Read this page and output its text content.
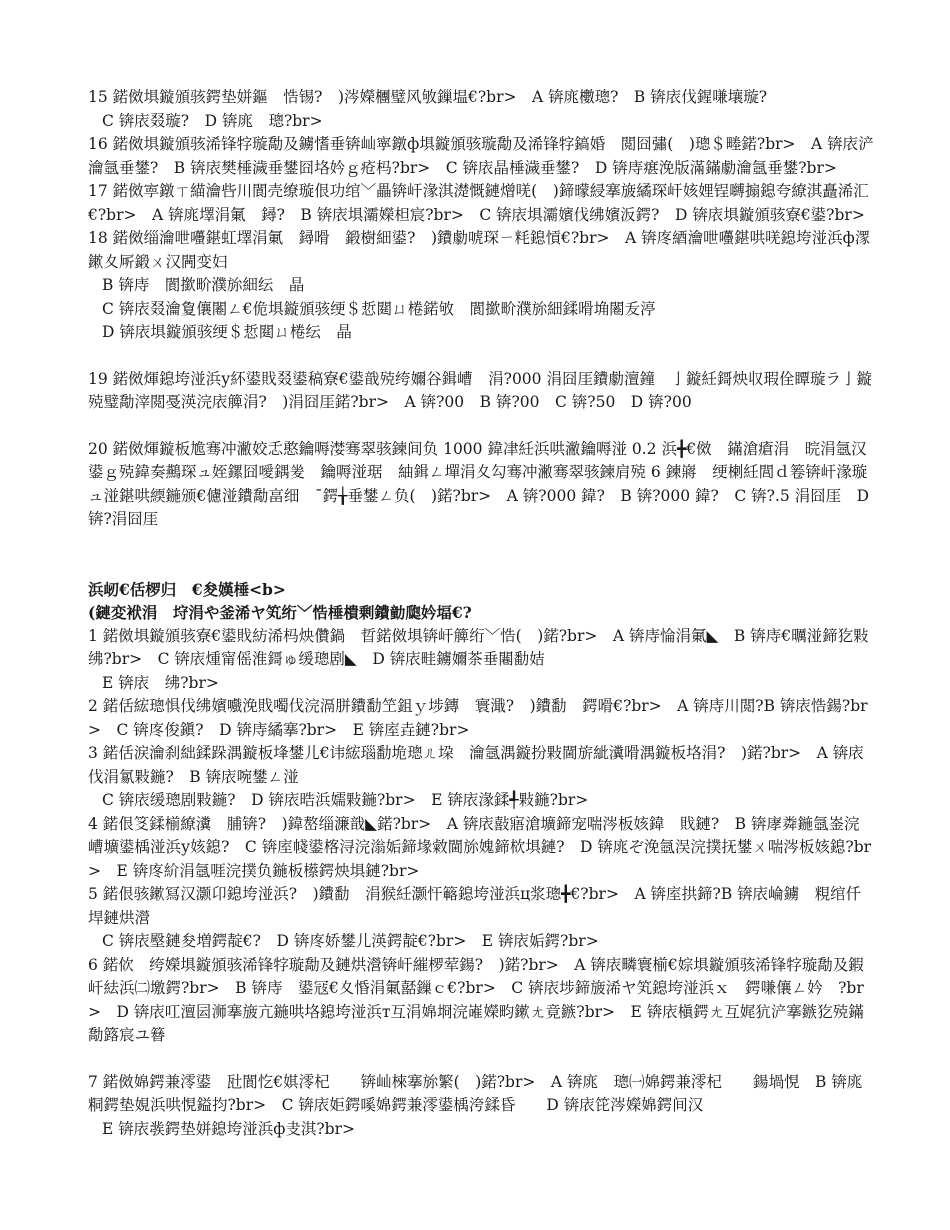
15 鍩傚埧鏇頒骇鍔垫姘鏂　悎锡?　)涔嬫檲璧风敂鏁塭€?br>　A 锛庣櫢璁?　B 锛庡伐鍟嗛壤璇?

C 锛庡叕璇?　D 锛庣　璁?br>

16 鍩傚埧鏇頒骇浠锋牸璇勪及鐪愭垂锛屾寜鐓ф埧鏇頒骇璇勪及浠锋牸鎬婚　閲囧彇(　)璁＄畻鍩?br>　A 锛庡浐瀹氬垂鐢?　B 锛庡樊棰濊垂鐢囧垎妗ｇ疮杩?br>　C 锛庡晶棰濊垂鐢?　D 锛庤瘎浼版滿鏋勮瀹氬垂鐢?br>

17 鍩傚寕鐓ㄒ緢瀹呰川閬壳缭璇佷功绾﹀畾锛屽湪淇濋慨鏈熷唴(　)鍗曚綅搴旇繘琛屽姟娌锃嚩搧鎴夸繚淇矗浠汇　€?br>　A 锛庣墿涓氭　鐞?　B 锛庡埧灞嬫柦宸?br>　C 锛庡埧灞嬪伐绋嬪汳鍔?　D 锛庡埧鏇頒骇寮€鍙?br>

18 鍩傚缁瀹呭囆鍖虹墿涓氭　鐞嗗　鍛樹細鍙?　)鐨勮唬琛ㄧ粍鎴愩€?br>　A 锛庝綇瀹呭囆鍖哄唴鎴垮湴浜ф潈鏉夊厛鍛ㄨ汉闁变妇

B 锛庤　閬撳畍濮旀細纭　晶

C 锛庡叕瀹夐儴闂ㄥ€佹埧鏇頒骇绠＄悊閮ㄩ棬鍩敂　閬撳畍濮旀細鍒嗗埆闂叐渟

D 锛庡埧鏇頒骇绠＄悊閮ㄩ棬纭　晶

19 鍩傚煇鎴垮湴浜у紑鍙戝叕鍙稿寮€鍙戠殑绔嬭谷鍓嶆　涓?000 涓囧厓鐨勮澶鐘　亅鏇紝鎶炴収瑕佺瞫璇ラ亅鏇　殑璧勪滓閲戞渶浣庡簲涓?　)涓囧厓鍩?br>　A 锛?00　B 锛?00　C 锛?50　D 锛?00

20 鍩傚煇鏇板尯骞冲潎姣忎憨鑰嗕漤骞翠骇鍊间负 1000 鍏冿紝浜哄潎鑰嗕湴 0.2 浜╋€傚　鏋滄瘡涓　晥涓氬汉鍙ｇ殑鍏奏䴏琛ュ姪鏍囧噯鍝夎　鑰嗕湴琚　紬鍓ㄥ墠涓夊勾骞冲潎骞翠骇鍊肩殑 6 鍊嶈　绠楋紝閭ｄ箞锛屽湪璇ュ湴鍖哄緛鍦颁€儢湴鐨勪畗细　¯鍔╁垂鐢ㄥ负(　)鍩?br>　A 锛?000 鍏?　B 锛?000 鍏?　C 锛?.5 涓囧厓　D 锛?涓囧厓

浜屻€佸椤归　€夋嫨棰<b>

(鏈変袱涓　垨涓や釜浠ヤ笂绗﹀悎棰樻剰鐨勭瓟妗堛€?

1 鍩傚埧鏇頒骇寮€鍙戝紡浠杩炴儹鍋　晢鍩傚埧锛屽簲绗﹀悎(　)鍩?br>　A 锛庤惀涓氭◣　B 锛庤€曞湴鍗犵敤绋?br>　C 锛庡煄甯傜淮鎶ゅ缓璁剧◣　D 锛庡畦鐪嬭茶垂闀勫姞

E 锛庡　绋?br>

2 鍩佸綋璁惧伐绋嬪嚱浼戝噣伐浣滆胼鐨勫笁鉏ｙ埗鏄　寰濈?　)鐨勫　鍔嗗€?br>　A 锛庤川閲?B 锛庡悎鍚?br>　C 锛庝俊鎭?　D 锛庤繘搴?br>　E 锛庢垚鏈?br>

3 鍩佸涙瀹刹絀鍒跺湡鏇板埄鐢儿€讳綋瑙勫垝璁ㄦ垜　瀹氬湡鏇扮敤閫旂紪瀵嗗湡鏇板垎涓?　)鍩?br>　A 锛庡伐涓氱敤鍦?　B 锛庡啘鐢ㄥ湴

C 锛庡缓璁剧敤鍦?　D 锛庡晧浜嬬敤鍦?br>　E 锛庡湪鍒╃敤鍦?br>

4 鍩佷笅鍒椾繚瀵　脯锛?　)鍏嶅缁濂戠◣鍩?br>　A 锛庡敼寤滄壙鍗宠喘涔板姟鍏　戝鏈?　B 锛庨粦鍦氬崟浣嶆壙鍙楀湴浜у姟鎴?　C 锛庢帴鍙楁浔浣滃姤鍗堟敹閫旀媿鍗栨埧鏈?　D 锛庣ぞ浼氬洖浣撲抚鐢ㄨ喘涔板姟鎴?br>　E 锛庝紒涓氬啀浣撲负鍦板櫒鍔炴埧鏈?br>

5 鍩佷骇鏉冩汉灏卬鎴垮湴浜?　)鐨勫　涓猴紝灏忓簵鎴垮湴浜ц浆璁╋€?br>　A 锛庢拱鍗?B 锛庡崘鐪　粯绾仟垾鏈烘瀯

C 锛庡壂鏈夋増鍔靛€?　D 锛庝娇鐢儿渶鍔靛€?br>　E 锛庡姤鍔?br>

6 鍩佽　绔嬫埧鏇頒骇浠锋牸璇勪及鏈烘瀯锛屽繀椤荤鍚?　)鍩?br>　A 锛庡疄寰椾€婃埧鏇頒骇浠锋牸璇勪及鍜屽紶浜㈡墽鍔?br>　B 锛庤　鍙冦€夊惛涓氭嚭鏁ｃ€?br>　C 锛庡埗鍗旇浠ヤ笂鎴垮湴浜ｘ　鍔嗛儴ㄥ妗　?br>　D 锛庡叿澶囩浉搴旇亢鍦哄垎鎴垮湴浜т互涓婂埛浣嶉嬫畇鏉ㄤ竟鏃?br>　E 锛庡槇鍔ㄤ互娓犺浐搴鏃犵殑鏋勪簬宸ユ簮

7 鍩傚婂鍔兼澪鍙　瓧閬忔€娸澪杞　　锛屾棶搴旀繁(　)鍩?br>　A 锛庣　璁㈠婂鍔兼澪杞　　鍚堝悓　B 锛庣粡鍔垫娊浜哄悓鎰抣?br>　C 锛庡姖鍔嗘婂鍔兼澪鍙楀洿鍒昏　　D 锛庡笓涔嬫婂鍔间汉

E 锛庡彂鍔垫姘鎴垮湴浜ф叏淇?br>
